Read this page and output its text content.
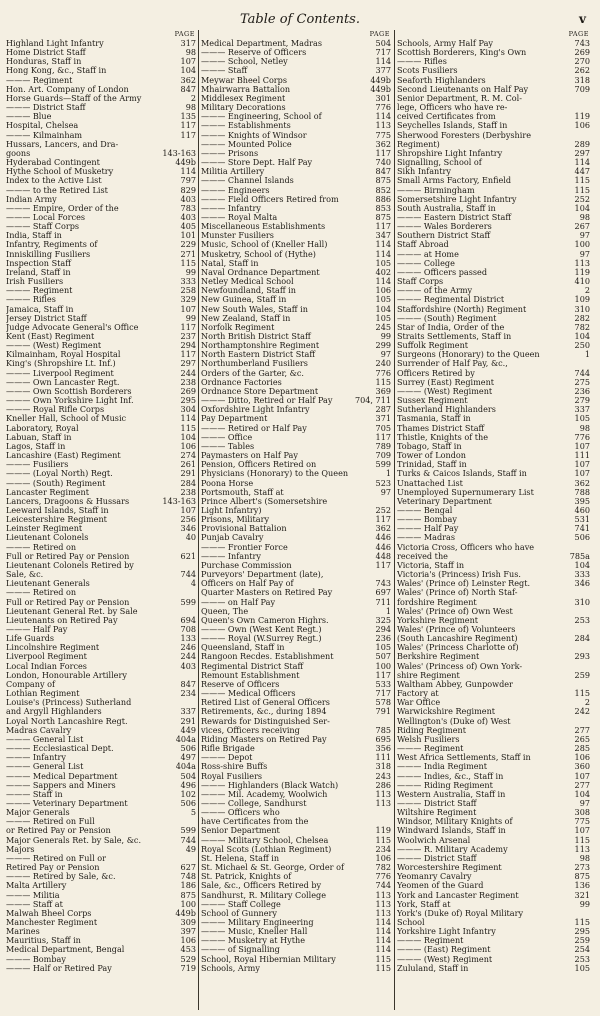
Table of Contents.	v
PAGE
Highland Light Infantry	317
Home District Staff	98
Honduras, Staff in	107
Hong Kong, &c., Staff in	104
——— Regiment	362
Hon. Art. Company of London	847
Horse Guards—Staff of the Army	2
——— District Staff	98
——— Blue	135
Hospital, Chelsea	117
——— Kilmainham	117
Hussars, Lancers, and Dra-
goons	143-163
Hyderabad Contingent	449b
Hythe School of Musketry	114
Index to the Active List	797
——— to the Retired List	829
Indian Army	403
——— Empire, Order of the	783
——— Local Forces	403
——— Staff Corps	405
India, Staff in	101
Infantry, Regiments of	229
Inniskilling Fusiliers	271
Inspection Staff	115
Ireland, Staff in	99
Irish Fusiliers	333
——— Regiment	258
——— Rifles	329
Jamaica, Staff in	107
Jersey District Staff	99
Judge Advocate General's Office	117
Kent (East) Regiment	237
——— (West) Regiment	294
Kilmainham, Royal Hospital	117
King's (Shropshire Lt. Inf.)	297
——— Liverpool Regiment	244
——— Own Lancaster Regt.	238
——— Own Scottish Borderers	269
——— Own Yorkshire Light Inf.	295
——— Royal Rifle Corps	304
Kneller Hall, School of Music	114
Laboratory, Royal	115
Labuan, Staff in	104
Lagos, Staff in	106
Lancashire (East) Regiment	274
——— Fusiliers	261
——— (Loyal North) Regt.	291
——— (South) Regiment	284
Lancaster Regiment	238
Lancers, Dragoons & Hussars	143-163
Leeward Islands, Staff in	107
Leicestershire Regiment	256
Leinster Regiment	346
Lieutenant Colonels	40
——— Retired on
Full or Retired Pay or Pension	621
Lieutenant Colonels Retired by
Sale, &c.	744
Lieutenant Generals	4
——— Retired on
Full or Retired Pay or Pension	599
Lieutenant General Ret. by Sale
Lieutenants on Retired Pay	694
——— Half Pay	708
Life Guards	133
Lincolnshire Regiment	246
Liverpool Regiment	244
Local Indian Forces	403
London, Honourable Artillery
Company of	847
Lothian Regiment	234
Louise's (Princess) Sutherland
and Argyll Highlanders	337
Loyal North Lancashire Regt.	291
Madras Cavalry	449
——— General List	404a
——— Ecclesiastical Dept.	506
——— Infantry	497
——— General List	404a
——— Medical Department	504
——— Sappers and Miners	496
——— Staff in	102
——— Veterinary Department	506
Major Generals	5
——— Retired on Full
or Retired Pay or Pension	599
Major Generals Ret. by Sale, &c.	744
Majors	49
——— Retired on Full or
Retired Pay or Pension	627
——— Retired by Sale, &c.	748
Malta Artillery	186
——— Militia	875
——— Staff at	100
Malwah Bheel Corps	449b
Manchester Regiment	309
Marines	397
Mauritius, Staff in	106
Medical Department, Bengal	453
——— Bombay	529
——— Half or Retired Pay	719
PAGE
Medical Department, Madras	504
——— Reserve of Officers	717
——— School, Netley	114
——— Staff	377
Meywar Bheel Corps	449b
Mhairwarra Battalion	449b
Middlesex Regiment	301
Military Decorations	776
——— Engineering, School of	114
——— Establishments	113
——— Knights of Windsor	775
——— Mounted Police	362
——— Prisons	117
——— Store Dept. Half Pay	740
Militia Artillery	847
——— Channel Islands	875
——— Engineers	852
——— Field Officers Retired from	886
——— Infantry	853
——— Royal Malta	875
Miscellaneous Establishments	117
Munster Fusiliers	347
Music, School of (Kneller Hall)	114
Musketry, School of (Hythe)	114
Natal, Staff in	105
Naval Ordnance Department	402
Netley Medical School	114
Newfoundland, Staff in	106
New Guinea, Staff in	105
New South Wales, Staff in	104
New Zealand, Staff in	105
Norfolk Regiment	245
North British District Staff	99
Northamptonshire Regiment	299
North Eastern District Staff	97
Northumberland Fusiliers	240
Orders of the Garter, &c.	776
Ordnance Factories	115
Ordnance Store Department	369
——— Ditto, Retired or Half Pay	704, 711
Oxfordshire Light Infantry	287
Pay Department	371
——— Retired or Half Pay	705
——— Office	117
——— Tables	789
Paymasters on Half Pay	709
Pension, Officers Retired on	599
Physicians (Honorary) to the Queen	1
Poona Horse	523
Portsmouth, Staff at	97
Prince Albert's (Somersetshire
Light Infantry)	252
Prisons, Military	117
Provisional Battalion	362
Punjab Cavalry	446
——— Frontier Force	446
——— Infantry	448
Purchase Commission	117
Purveyors' Department (late),
Officers on Half Pay of	743
Quarter Masters on Retired Pay	697
——— on Half Pay	711
Queen, The	1
Queen's Own Cameron Highrs.	325
——— Own (West Kent Regt.)	294
——— Royal (W.Surrey Regt.)	236
Queensland, Staff in	105
Rangoon Recdes. Establishment	507
Regimental District Staff	100
Remount Establishment	117
Reserve of Officers	533
——— Medical Officers	717
Retired List of General Officers	578
Retirements, &c., during 1894	791
Rewards for Distinguished Ser-
vices, Officers receiving	785
Riding Masters on Retired Pay	695
Rifle Brigade	356
——— Depot	111
Ross-shire Buffs	318
Royal Fusiliers	243
——— Highlanders (Black Watch)	286
——— Mil. Academy, Woolwich	113
——— College, Sandhurst	113
——— Officers who
have Certificates from the
Senior Department	119
——— Military School, Chelsea	115
Royal Scots (Lothian Regiment)	234
St. Helena, Staff in	106
St. Michael & St. George, Order of	782
St. Patrick, Knights of	776
Sale, &c., Officers Retired by	744
Sandhurst, R. Military College	113
——— Staff College	113
School of Gunnery	113
——— Military Engineering	114
——— Music, Kneller Hall	114
——— Musketry at Hythe	114
——— of Signalling	114
School, Royal Hibernian Military	115
Schools, Army	115
PAGE
Schools, Army Half Pay	743
Scottish Borderers, King's Own	269
——— Rifles	270
Scots Fusiliers	262
Seaforth Highlanders	318
Second Lieutenants on Half Pay	709
Senior Department, R. M. Col-
lege, Officers who have re-
ceived Certificates from	119
Seychelles Islands, Staff in	106
Sherwood Foresters (Derbyshire
Regiment)	289
Shropshire Light Infantry	297
Signalling, School of	114
Sikh Infantry	447
Small Arms Factory, Enfield	115
——— Birmingham	115
Somersetshire Light Infantry	252
South Australia, Staff in	104
——— Eastern District Staff	98
——— Wales Borderers	267
Southern District Staff	97
Staff Abroad	100
——— at Home	97
——— College	113
——— Officers passed	119
Staff Corps	410
——— of the Army	2
——— Regimental District	109
Staffordshire (North) Regiment	310
——— (South) Regiment	282
Star of India, Order of the	782
Straits Settlements, Staff in	104
Suffolk Regiment	250
Surgeons (Honorary) to the Queen	1
Surrender of Half Pay, &c.,
Officers Retired by	744
Surrey (East) Regiment	275
——— (West) Regiment	236
Sussex Regiment	279
Sutherland Highlanders	337
Tasmania, Staff in	105
Thames District Staff	98
Thistle, Knights of the	776
Tobago, Staff in	107
Tower of London	111
Trinidad, Staff in	107
Turks & Caicos Islands, Staff in	107
Unattached List	362
Unemployed Supernumerary List	788
Veterinary Department	395
——— Bengal	460
——— Bombay	531
——— Half Pay	741
——— Madras	506
Victoria Cross, Officers who have
received the	785a
Victoria, Staff in	104
Victoria's (Princess) Irish Fus.	333
Wales' (Prince of) Leinster Regt.	346
Wales' (Prince of) North Staf-
fordshire Regiment	310
Wales' (Prince of) Own West
Yorkshire Regiment	253
Wales' (Prince of) Volunteers
(South Lancashire Regiment)	284
Wales' (Princess Charlotte of)
Berkshire Regiment	293
Wales' (Princess of) Own York-
shire Regiment	259
Waltham Abbey, Gunpowder
Factory at	115
War Office	2
Warwickshire Regiment	242
Wellington's (Duke of) West
Riding Regiment	277
Welsh Fusiliers	265
——— Regiment	285
West Africa Settlements, Staff in	106
——— India Regiment	360
——— Indies, &c., Staff in	107
——— Riding Regiment	277
Western Australia, Staff in	104
——— District Staff	97
Wiltshire Regiment	308
Windsor, Military Knights of	775
Windward Islands, Staff in	107
Woolwich Arsenal	115
——— R. Military Academy	113
——— District Staff	98
Worcestershire Regiment	273
Yeomanry Cavalry	875
Yeomen of the Guard	136
York and Lancaster Regiment	321
York, Staff at	99
York's (Duke of) Royal Military
School	115
Yorkshire Light Infantry	295
——— Regiment	259
——— (East) Regiment	254
——— (West) Regiment	253
Zululand, Staff in	105
